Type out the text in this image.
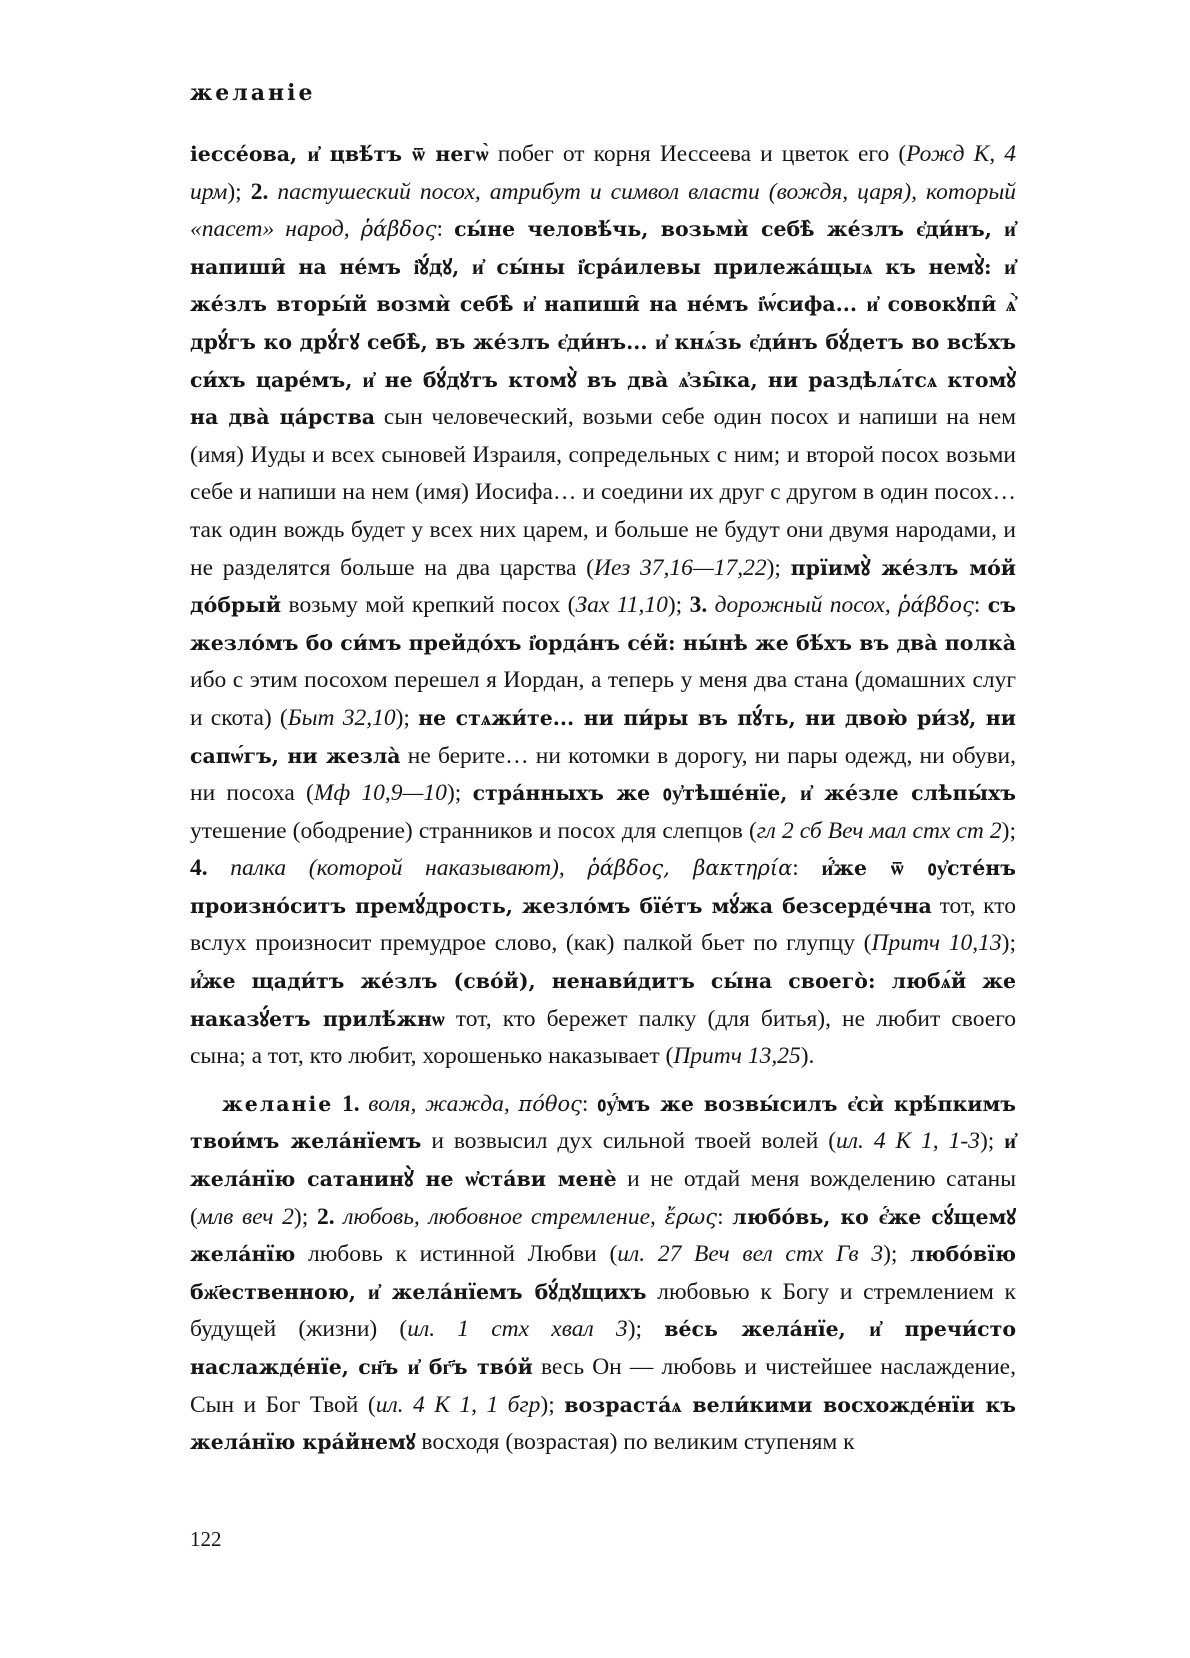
желаніе

іессе́ова, и҆ цвѣ́тъ ѿ негѡ̀ побег от корня Иессеева и цветок его (Рожд К, 4 ирм); 2. пастушеский посох, атрибут и символ власти (вождя, царя), который «пасет» народ, ῥάβδος: сы́не человѣ́чь, возьмѝ себѣ̀ же́злъ є҆ди́нъ, и҆ напиши̑ на не́мъ і҆ꙋ́дꙋ, и҆ сы́ны і҆сра́илевы прилежа́щыѧ къ немꙋ̀: и҆ же́злъ вторы́й возмѝ себѣ̀ и҆ напиши̑ на не́мъ і҆ѡ́сифа... и҆ совокꙋпи̑ ѧ҆̀ дрꙋ́гъ ко дрꙋ́гꙋ себѣ̀, въ же́злъ є҆ди́нъ... и҆ кнѧ́зь є҆ди́нъ бꙋ́детъ во всѣ́хъ си́хъ царе́мъ, и҆ не бꙋ́дꙋтъ ктомꙋ̀ въ два̀ ѧ҆зы̑ка, ни раздѣлѧ́тсѧ ктомꙋ̀ на два̀ ца́рства сын человеческий, возьми себе один посох и напиши на нем (имя) Иуды и всех сыновей Израиля, сопредельных с ним; и второй посох возьми себе и напиши на нем (имя) Иосифа… и соедини их друг с другом в один посох… так один вождь будет у всех них царем, и больше не будут они двумя народами, и не разделятся больше на два царства (Иез 37,16—17,22); прїимꙋ̀ же́злъ мо́й до́брый возьму мой крепкий посох (Зах 11,10); 3. дорожный посох, ῥάβδος: съ жезло́мъ бо си́мъ прейдо́хъ і҆орда́нъ се́й: ны́нѣ же бѣ́хъ въ два̀ полка̀ ибо с этим посохом перешел я Иордан, а теперь у меня два стана (домашних слуг и скота) (Быт 32,10); не стѧжи́те... ни пи́ры въ пꙋ́ть, ни двою̀ ри́зꙋ, ни сапѡ́гъ, ни жезла̀ не берите… ни котомки в дорогу, ни пары одежд, ни обуви, ни посоха (Мф 10,9—10); стра́нныхъ же ᲂу҆тѣше́нїе, и҆ же́зле слѣпы́хъ утешение (ободрение) странников и посох для слепцов (гл 2 сб Веч мал стх ст 2); 4. палка (которой наказывают), ῥάβδος, βακτηρία: и҆́же ѿ ᲂу҆сте́нъ произно́ситъ премꙋ́дрость, жезло́мъ бїе́тъ мꙋ́жа безсерде́чна тот, кто вслух произносит премудрое слово, (как) палкой бьет по глупцу (Притч 10,13); и҆́же щади́тъ же́злъ (сво́й), ненави́дитъ сы́на своего̀: любѧ́й же наказꙋ́етъ прилѣ́жнѡ тот, кто бережет палку (для битья), не любит своего сына; а тот, кто любит, хорошенько наказывает (Притч 13,25).

желаніе 1. воля, жажда, πόθος: ᲂу҆́мъ же возвы́силъ є҆сѝ крѣ́пкимъ твои́мъ жела́нїемъ и возвысил дух сильной твоей волей (ил. 4 К 1, 1-3); и҆ жела́нїю сатанинꙋ̀ не ѡ҆ста́ви менѐ и не отдай меня вожделению сатаны (млв веч 2); 2. любовь, любовное стремление, ἔρως: любо́вь, ко є҆́же сꙋ́щемꙋ жела́нїю любовь к истинной Любви (ил. 27 Веч вел стх Гв 3); любо́вїю бж҃ественною, и҆ жела́нїемъ бꙋ́дꙋщихъ любовью к Богу и стремлением к будущей (жизни) (ил. 1 стх хвал 3); ве́сь жела́нїе, и҆ пречи́сто наслажде́нїе, сн҃ъ и҆ бг҃ъ тво́й весь Он — любовь и чистейшее наслаждение, Сын и Бог Твой (ил. 4 К 1, 1 бгр); возраста́ѧ вели́кими восхожде́нїи къ жела́нїю кра́йнемꙋ восходя (возрастая) по великим ступеням к

122
